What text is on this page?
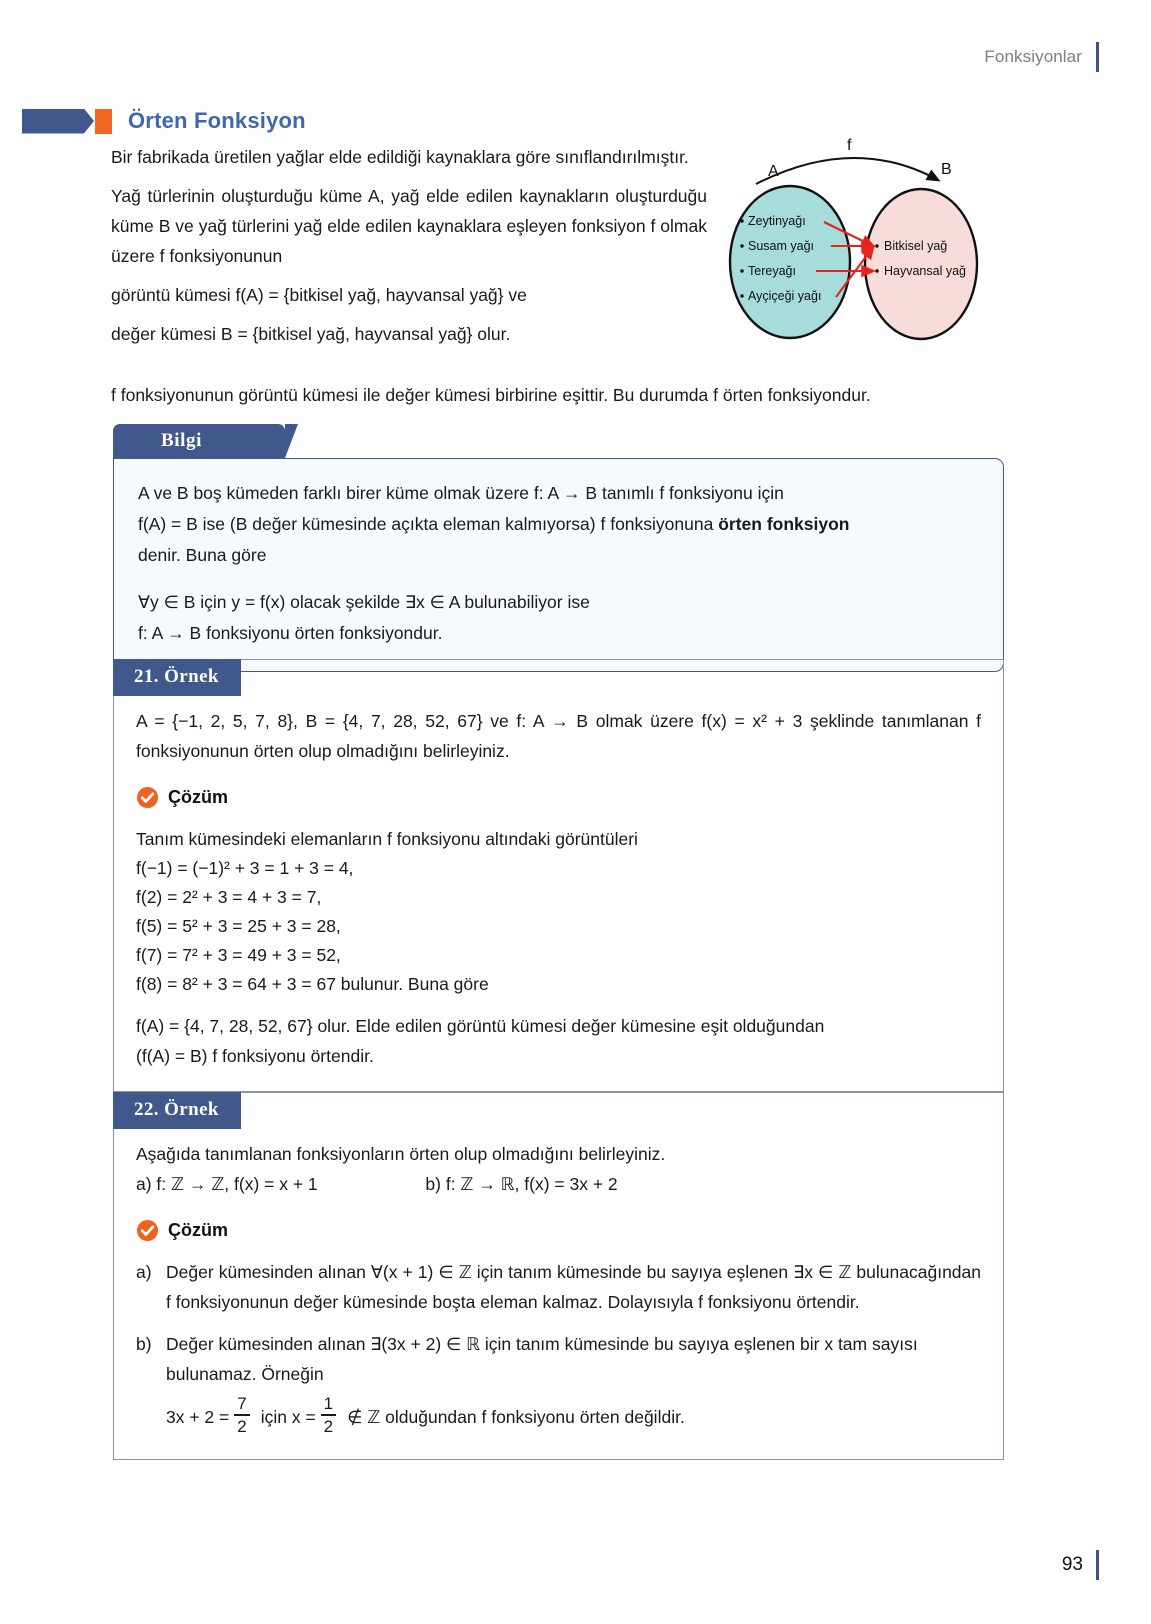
Fonksiyonlar
Örten Fonksiyon

Bir fabrikada üretilen yağlar elde edildiği kaynaklara göre sınıflandırılmıştır.

Yağ türlerinin oluşturduğu küme A, yağ elde edilen kaynakların oluşturduğu küme B ve yağ türlerini yağ elde edilen kaynaklara eşleyen fonksiyon f olmak üzere f fonksiyonunun

görüntü kümesi f(A) = {bitkisel yağ, hayvansal yağ} ve

değer kümesi B = {bitkisel yağ, hayvansal yağ} olur.

f fonksiyonunun görüntü kümesi ile değer kümesi birbirine eşittir. Bu durumda f örten fonksiyondur.

f
A	B
Zeytinyağı
Susam yağı
Tereyağı
Ayçiçeği yağı
Bitkisel yağ
Hayvansal yağ
Bilgi

A ve B boş kümeden farklı birer küme olmak üzere f: A → B tanımlı f fonksiyonu için

f(A) = B ise (B değer kümesinde açıkta eleman kalmıyorsa) f fonksiyonuna örten fonksiyon

denir. Buna göre

∀y ∈ B için y = f(x) olacak şekilde ∃x ∈ A bulunabiliyor ise

f: A → B fonksiyonu örten fonksiyondur.

21. Örnek

A = {−1, 2, 5, 7, 8}, B = {4, 7, 28, 52, 67} ve f: A → B olmak üzere f(x) = x² + 3 şeklinde tanımlanan f fonksiyonunun örten olup olmadığını belirleyiniz.

Çözüm

Tanım kümesindeki elemanların f fonksiyonu altındaki görüntüleri

f(−1) = (−1)² + 3 = 1 + 3 = 4,

f(2) = 2² + 3 = 4 + 3 = 7,

f(5) = 5² + 3 = 25 + 3 = 28,

f(7) = 7² + 3 = 49 + 3 = 52,

f(8) = 8² + 3 = 64 + 3 = 67 bulunur. Buna göre

f(A) = {4, 7, 28, 52, 67} olur. Elde edilen görüntü kümesi değer kümesine eşit olduğundan

(f(A) = B) f fonksiyonu örtendir.

22. Örnek

Aşağıda tanımlanan fonksiyonların örten olup olmadığını belirleyiniz.

a) f: ℤ → ℤ, f(x) = x + 1	b) f: ℤ → ℝ, f(x) = 3x + 2

Çözüm
a) Değer kümesinden alınan ∀(x + 1) ∈ ℤ için tanım kümesinde bu sayıya eşlenen ∃x ∈ ℤ bulunacağından f fonksiyonunun değer kümesinde boşta eleman kalmaz. Dolayısıyla f fonksiyonu örtendir.
b) Değer kümesinden alınan ∃(3x + 2) ∈ ℝ için tanım kümesinde bu sayıya eşlenen bir x tam sayısı bulunamaz. Örneğin

$3x + 2 = \frac{7}{2}$ için $x = \frac{1}{2}$ ∉ ℤ olduğundan f fonksiyonu örten değildir.
93
